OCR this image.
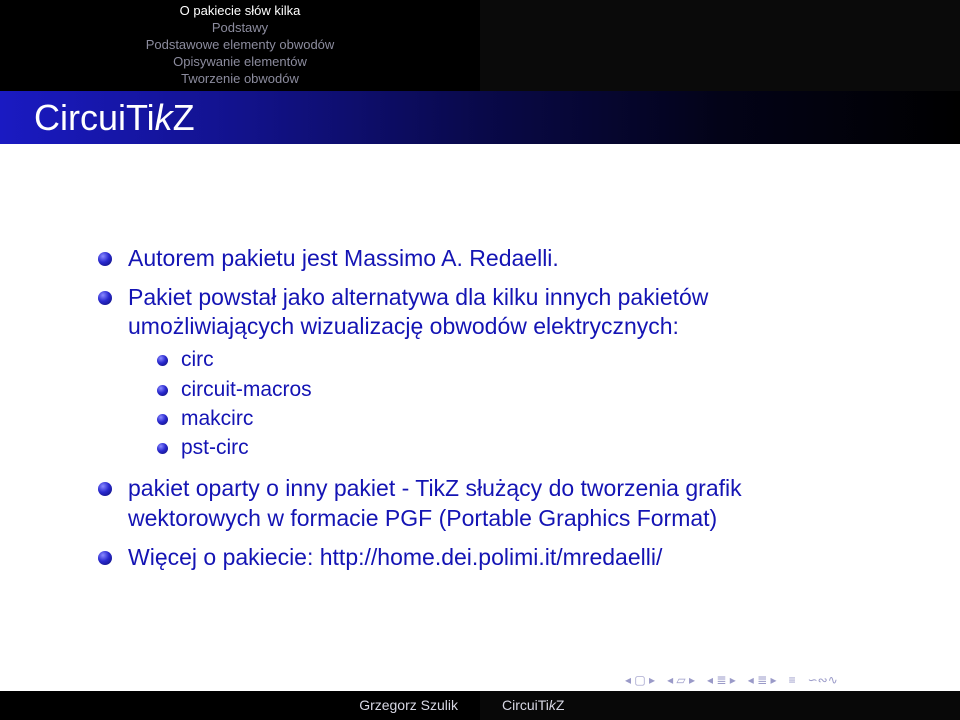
O pakiecie słów kilka
Podstawy
Podstawowe elementy obwodów
Opisywanie elementów
Tworzenie obwodów
CircuiTikZ
Autorem pakietu jest Massimo A. Redaelli.
Pakiet powstał jako alternatywa dla kilku innych pakietów
umożliwiających wizualizację obwodów elektrycznych:
circ
circuit-macros
makcirc
pst-circ
pakiet oparty o inny pakiet - TikZ służący do tworzenia grafik
wektorowych w formacie PGF (Portable Graphics Format)
Więcej o pakiecie: http://home.dei.polimi.it/mredaelli/
◂ ▢ ▸ ◂ ▱ ▸ ◂ ≣ ▸ ◂ ≣ ▸ ≡ ∽∾∿
Grzegorz Szulik	CircuiTikZ
